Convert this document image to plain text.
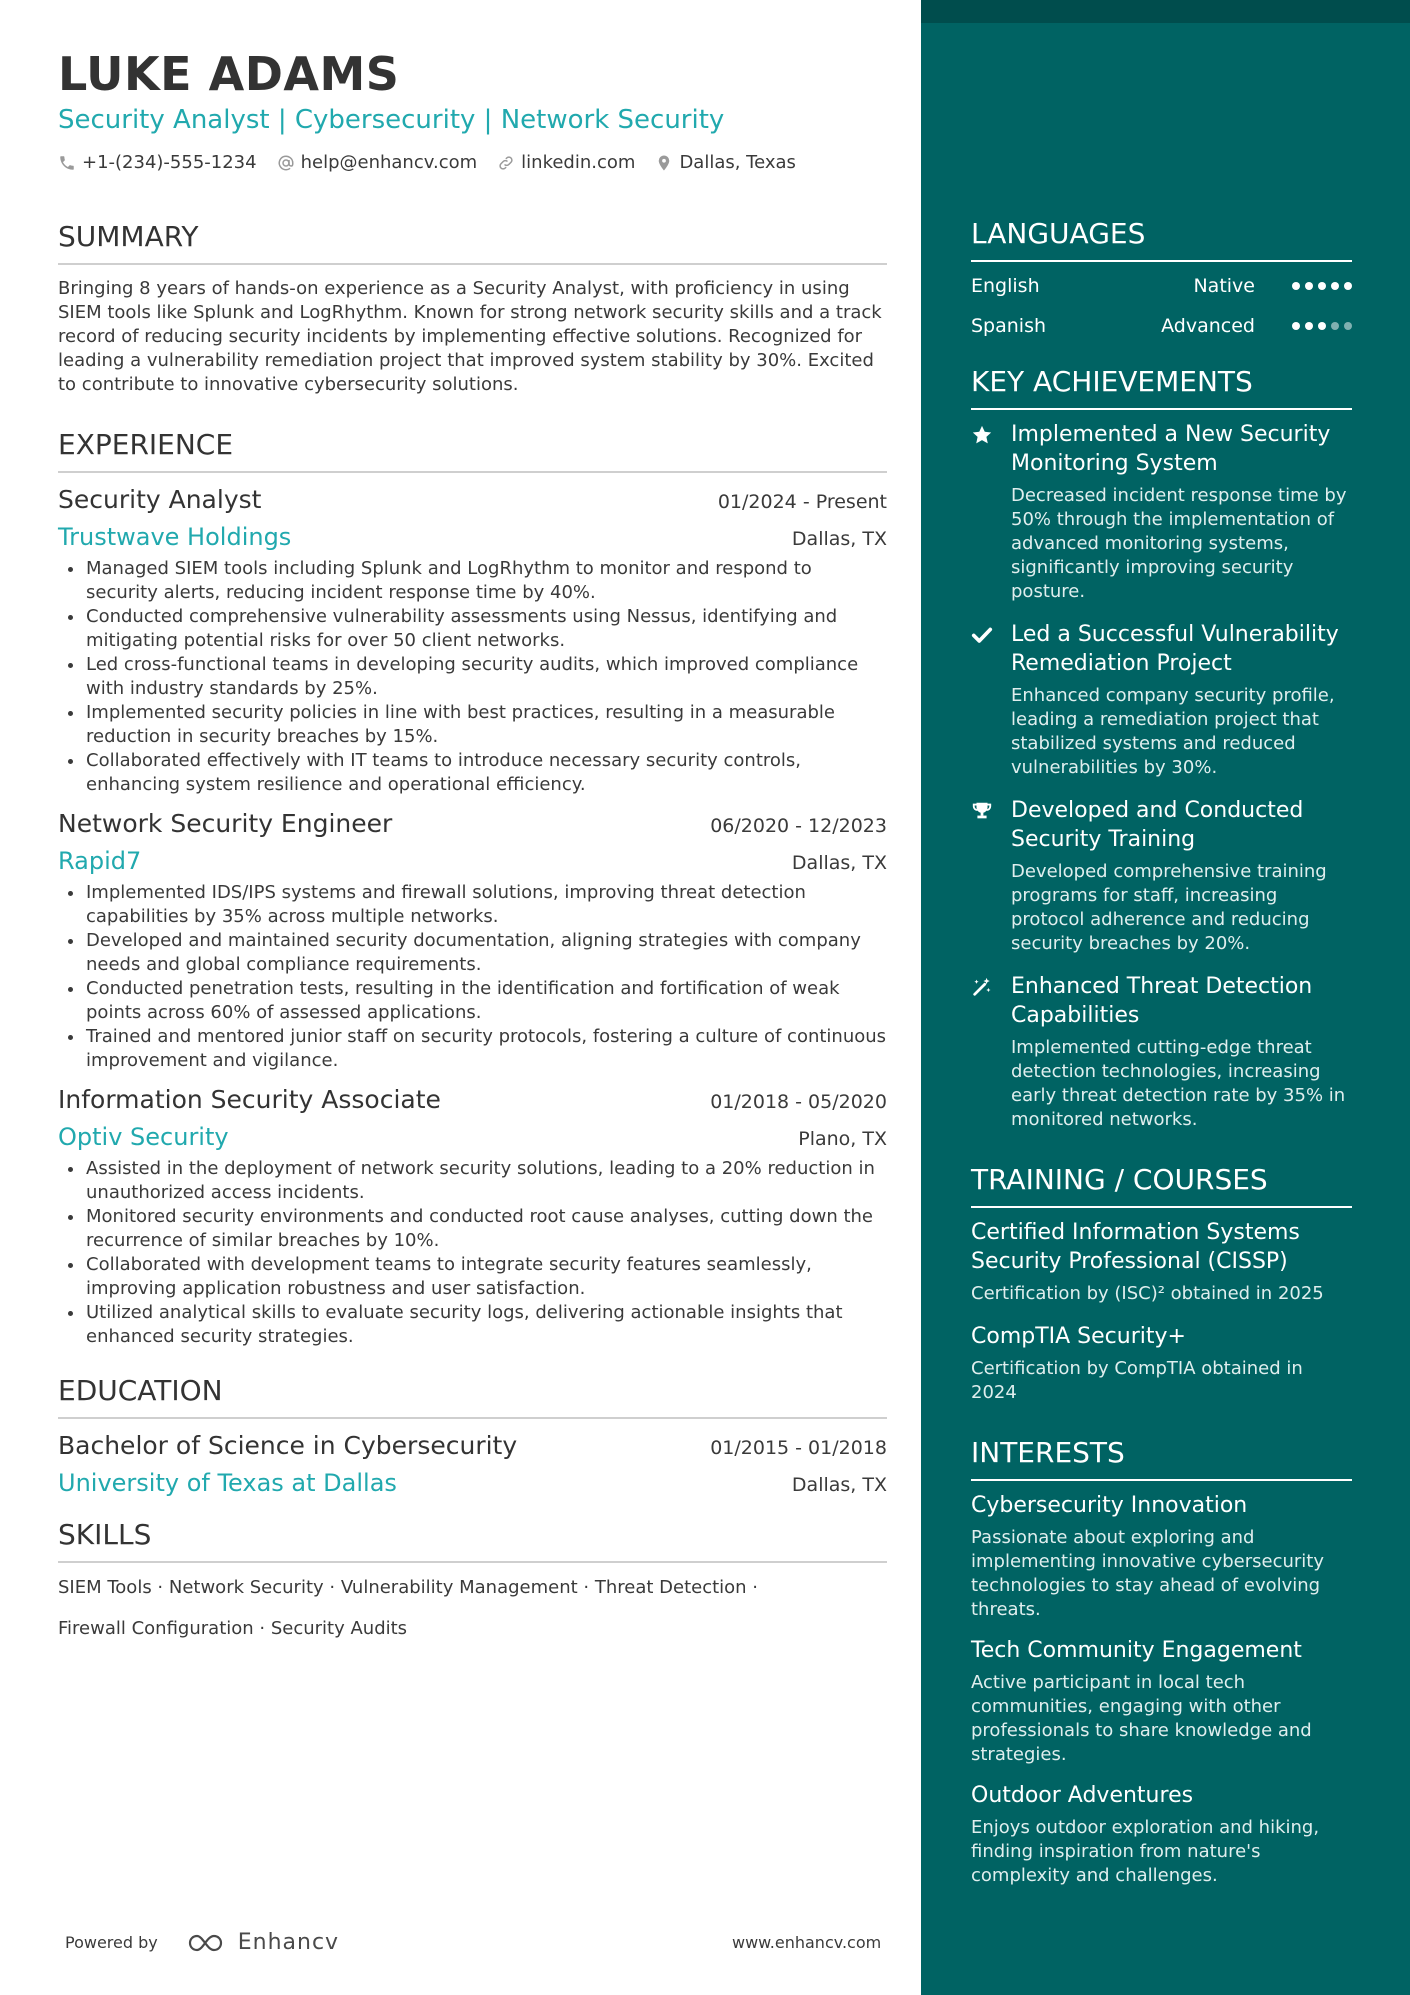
LUKE ADAMS
Security Analyst | Cybersecurity | Network Security
+1-(234)-555-1234 help@enhancv.com linkedin.com Dallas, Texas
SUMMARY
Bringing 8 years of hands-on experience as a Security Analyst, with proficiency in using SIEM tools like Splunk and LogRhythm. Known for strong network security skills and a track record of reducing security incidents by implementing effective solutions. Recognized for leading a vulnerability remediation project that improved system stability by 30%. Excited to contribute to innovative cybersecurity solutions.
EXPERIENCE
Security Analyst	01/2024 - Present
Trustwave Holdings	Dallas, TX
Managed SIEM tools including Splunk and LogRhythm to monitor and respond to security alerts, reducing incident response time by 40%.
Conducted comprehensive vulnerability assessments using Nessus, identifying and mitigating potential risks for over 50 client networks.
Led cross-functional teams in developing security audits, which improved compliance with industry standards by 25%.
Implemented security policies in line with best practices, resulting in a measurable reduction in security breaches by 15%.
Collaborated effectively with IT teams to introduce necessary security controls, enhancing system resilience and operational efficiency.
Network Security Engineer	06/2020 - 12/2023
Rapid7	Dallas, TX
Implemented IDS/IPS systems and firewall solutions, improving threat detection capabilities by 35% across multiple networks.
Developed and maintained security documentation, aligning strategies with company needs and global compliance requirements.
Conducted penetration tests, resulting in the identification and fortification of weak points across 60% of assessed applications.
Trained and mentored junior staff on security protocols, fostering a culture of continuous improvement and vigilance.
Information Security Associate	01/2018 - 05/2020
Optiv Security	Plano, TX
Assisted in the deployment of network security solutions, leading to a 20% reduction in unauthorized access incidents.
Monitored security environments and conducted root cause analyses, cutting down the recurrence of similar breaches by 10%.
Collaborated with development teams to integrate security features seamlessly, improving application robustness and user satisfaction.
Utilized analytical skills to evaluate security logs, delivering actionable insights that enhanced security strategies.
EDUCATION
Bachelor of Science in Cybersecurity	01/2015 - 01/2018
University of Texas at Dallas	Dallas, TX
SKILLS
SIEM Tools · Network Security · Vulnerability Management · Threat Detection ·
Firewall Configuration · Security Audits
Powered by	Enhancv	www.enhancv.com
LANGUAGES
English	Native
Spanish	Advanced
KEY ACHIEVEMENTS
Implemented a New Security Monitoring System
Decreased incident response time by 50% through the implementation of advanced monitoring systems, significantly improving security posture.
Led a Successful Vulnerability Remediation Project
Enhanced company security profile, leading a remediation project that stabilized systems and reduced vulnerabilities by 30%.
Developed and Conducted Security Training
Developed comprehensive training programs for staff, increasing protocol adherence and reducing security breaches by 20%.
Enhanced Threat Detection Capabilities
Implemented cutting-edge threat detection technologies, increasing early threat detection rate by 35% in monitored networks.
TRAINING / COURSES
Certified Information Systems Security Professional (CISSP)
Certification by (ISC)² obtained in 2025
CompTIA Security+
Certification by CompTIA obtained in 2024
INTERESTS
Cybersecurity Innovation
Passionate about exploring and implementing innovative cybersecurity technologies to stay ahead of evolving threats.
Tech Community Engagement
Active participant in local tech communities, engaging with other professionals to share knowledge and strategies.
Outdoor Adventures
Enjoys outdoor exploration and hiking, finding inspiration from nature's complexity and challenges.
